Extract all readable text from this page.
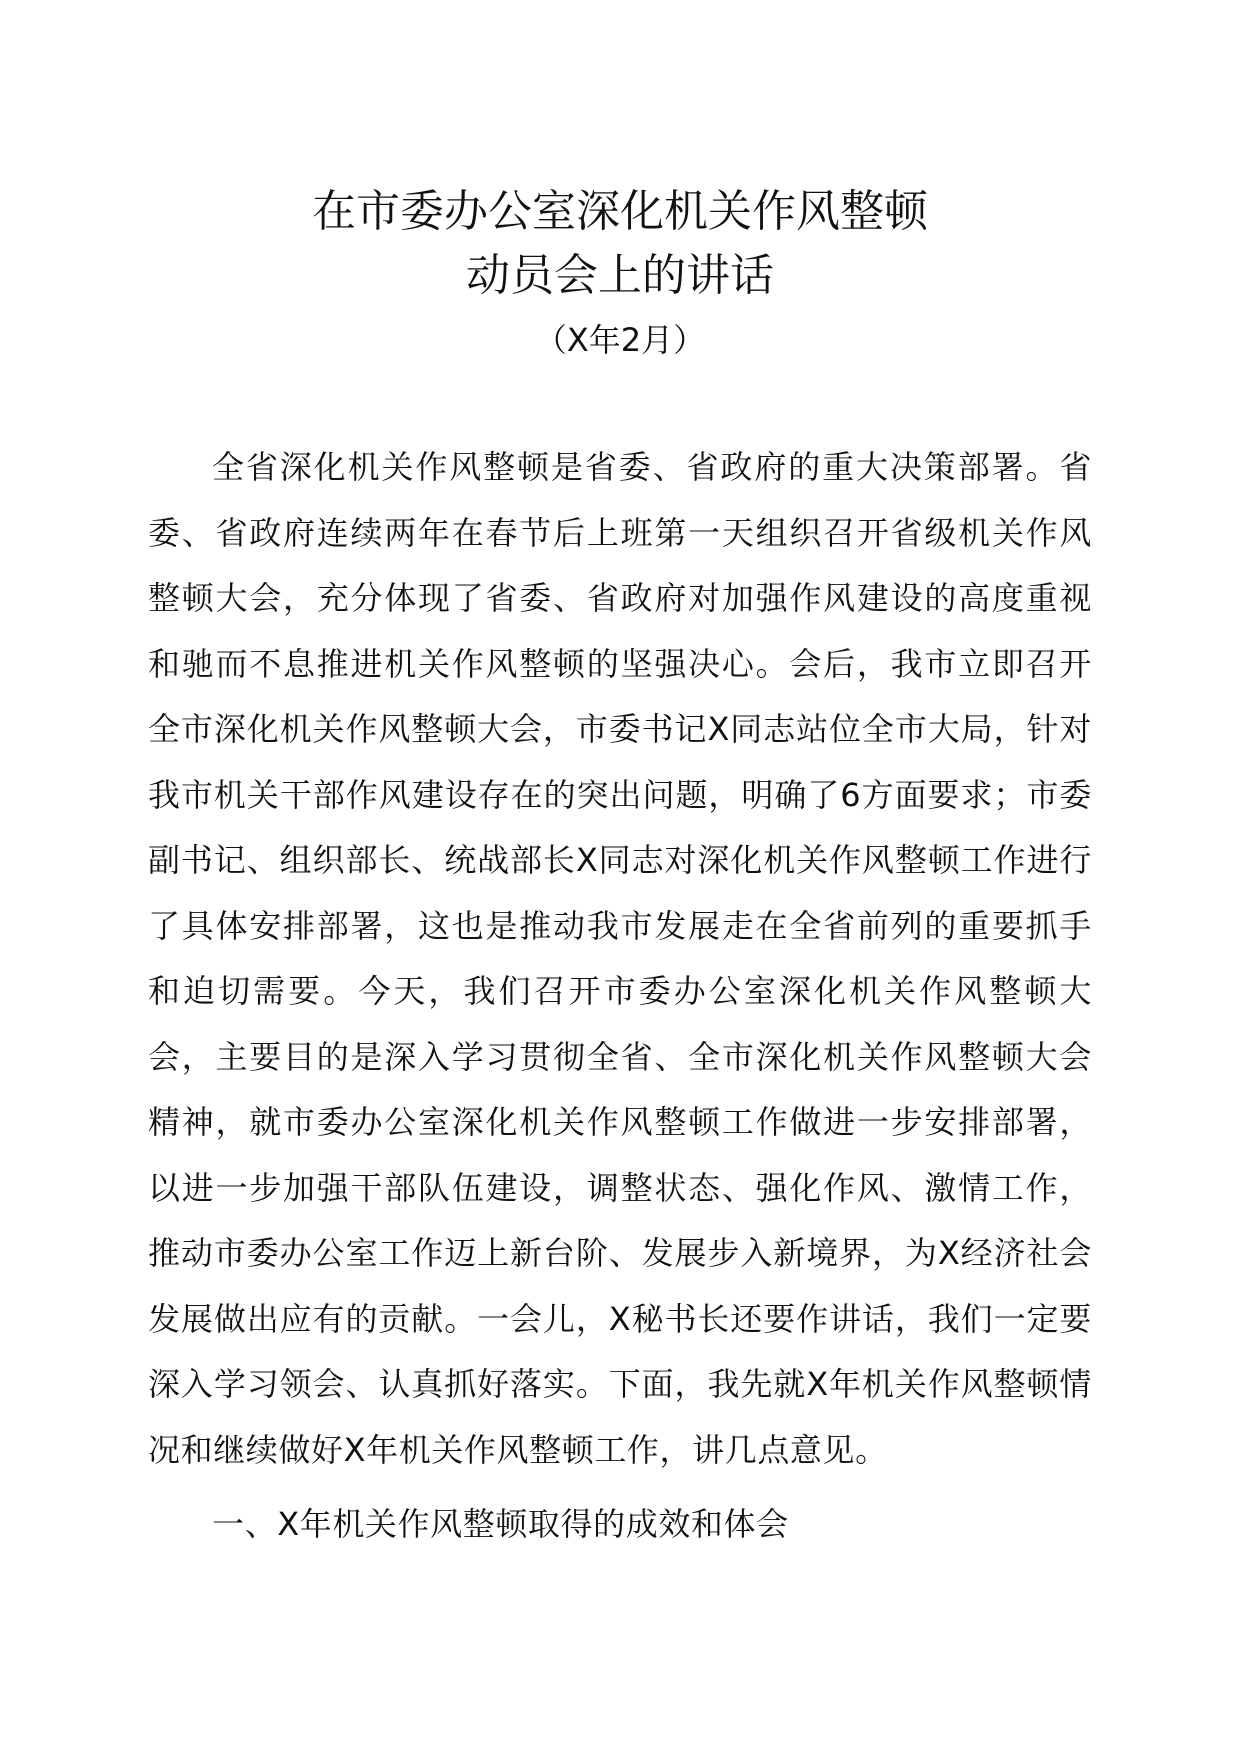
在市委办公室深化机关作风整顿
动员会上的讲话
（X年2月）

全省深化机关作风整顿是省委、省政府的重大决策部署。省委、省政府连续两年在春节后上班第一天组织召开省级机关作风整顿大会，充分体现了省委、省政府对加强作风建设的高度重视和驰而不息推进机关作风整顿的坚强决心。会后，我市立即召开全市深化机关作风整顿大会，市委书记X同志站位全市大局，针对我市机关干部作风建设存在的突出问题，明确了6方面要求；市委副书记、组织部长、统战部长X同志对深化机关作风整顿工作进行了具体安排部署，这也是推动我市发展走在全省前列的重要抓手和迫切需要。今天，我们召开市委办公室深化机关作风整顿大会，主要目的是深入学习贯彻全省、全市深化机关作风整顿大会精神，就市委办公室深化机关作风整顿工作做进一步安排部署，以进一步加强干部队伍建设，调整状态、强化作风、激情工作，推动市委办公室工作迈上新台阶、发展步入新境界，为X经济社会发展做出应有的贡献。一会儿，X秘书长还要作讲话，我们一定要深入学习领会、认真抓好落实。下面，我先就X年机关作风整顿情况和继续做好X年机关作风整顿工作，讲几点意见。

一、X年机关作风整顿取得的成效和体会
